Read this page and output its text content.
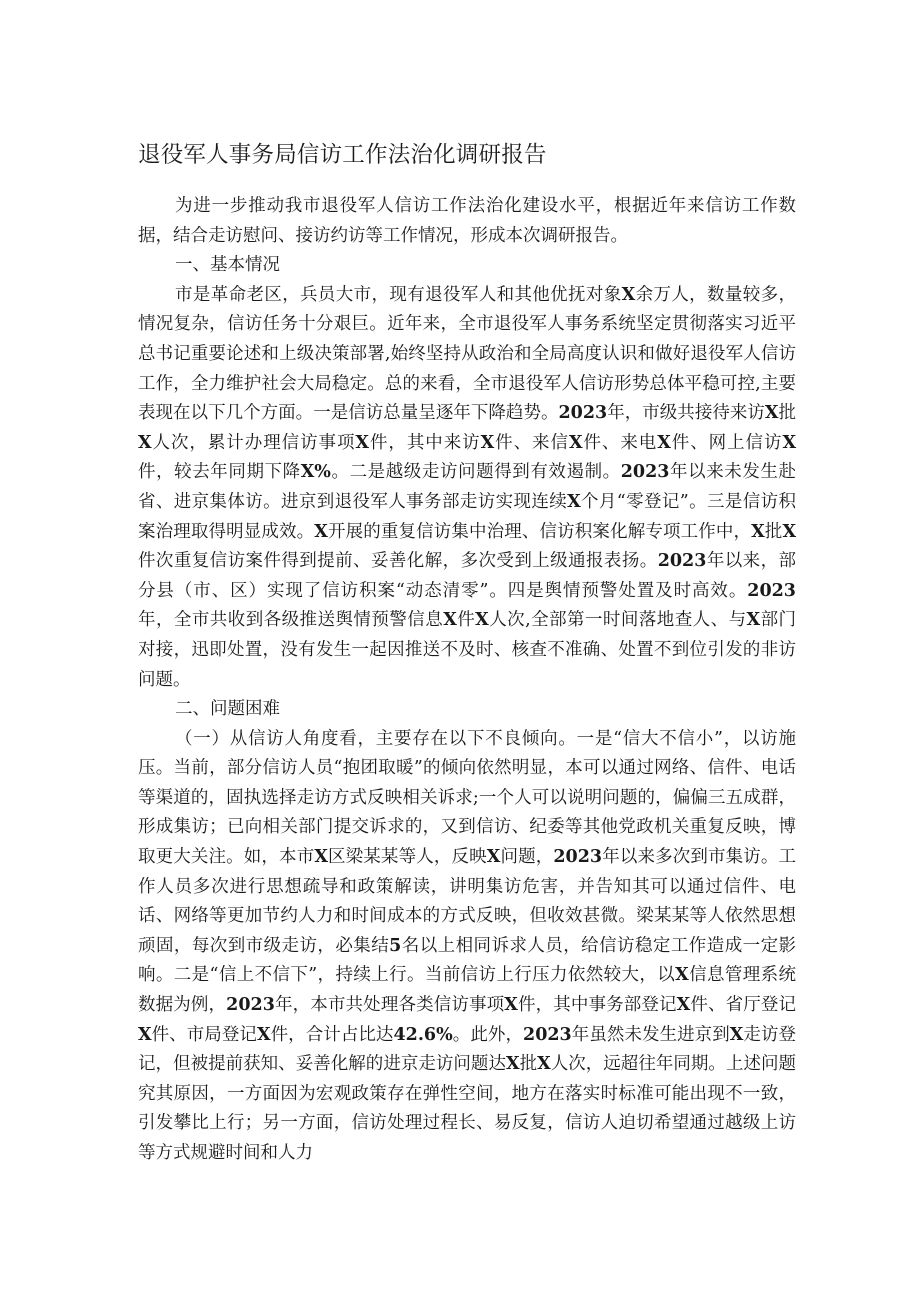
退役军人事务局信访工作法治化调研报告

为进一步推动我市退役军人信访工作法治化建设水平，根据近年来信访工作数据，结合走访慰问、接访约访等工作情况，形成本次调研报告。

一、基本情况

市是革命老区，兵员大市，现有退役军人和其他优抚对象X余万人，数量较多，情况复杂，信访任务十分艰巨。近年来，全市退役军人事务系统坚定贯彻落实习近平总书记重要论述和上级决策部署,始终坚持从政治和全局高度认识和做好退役军人信访工作，全力维护社会大局稳定。总的来看，全市退役军人信访形势总体平稳可控,主要表现在以下几个方面。一是信访总量呈逐年下降趋势。2023年，市级共接待来访X批X人次，累计办理信访事项X件，其中来访X件、来信X件、来电X件、网上信访X件，较去年同期下降X%。二是越级走访问题得到有效遏制。2023年以来未发生赴省、进京集体访。进京到退役军人事务部走访实现连续X个月“零登记”。三是信访积案治理取得明显成效。X开展的重复信访集中治理、信访积案化解专项工作中，X批X件次重复信访案件得到提前、妥善化解，多次受到上级通报表扬。2023年以来，部分县（市、区）实现了信访积案“动态清零”。四是舆情预警处置及时高效。2023年，全市共收到各级推送舆情预警信息X件X人次,全部第一时间落地查人、与X部门对接，迅即处置，没有发生一起因推送不及时、核查不准确、处置不到位引发的非访问题。

二、问题困难

（一）从信访人角度看，主要存在以下不良倾向。一是“信大不信小”，以访施压。当前，部分信访人员“抱团取暖”的倾向依然明显，本可以通过网络、信件、电话等渠道的，固执选择走访方式反映相关诉求;一个人可以说明问题的，偏偏三五成群，形成集访；已向相关部门提交诉求的，又到信访、纪委等其他党政机关重复反映，博取更大关注。如，本市X区梁某某等人，反映X问题，2023年以来多次到市集访。工作人员多次进行思想疏导和政策解读，讲明集访危害，并告知其可以通过信件、电话、网络等更加节约人力和时间成本的方式反映，但收效甚微。梁某某等人依然思想顽固，每次到市级走访，必集结5名以上相同诉求人员，给信访稳定工作造成一定影响。二是“信上不信下”，持续上行。当前信访上行压力依然较大，以X信息管理系统数据为例，2023年，本市共处理各类信访事项X件，其中事务部登记X件、省厅登记X件、市局登记X件，合计占比达42.6%。此外，2023年虽然未发生进京到X走访登记，但被提前获知、妥善化解的进京走访问题达X批X人次，远超往年同期。上述问题究其原因，一方面因为宏观政策存在弹性空间，地方在落实时标准可能出现不一致，引发攀比上行；另一方面，信访处理过程长、易反复，信访人迫切希望通过越级上访等方式规避时间和人力
